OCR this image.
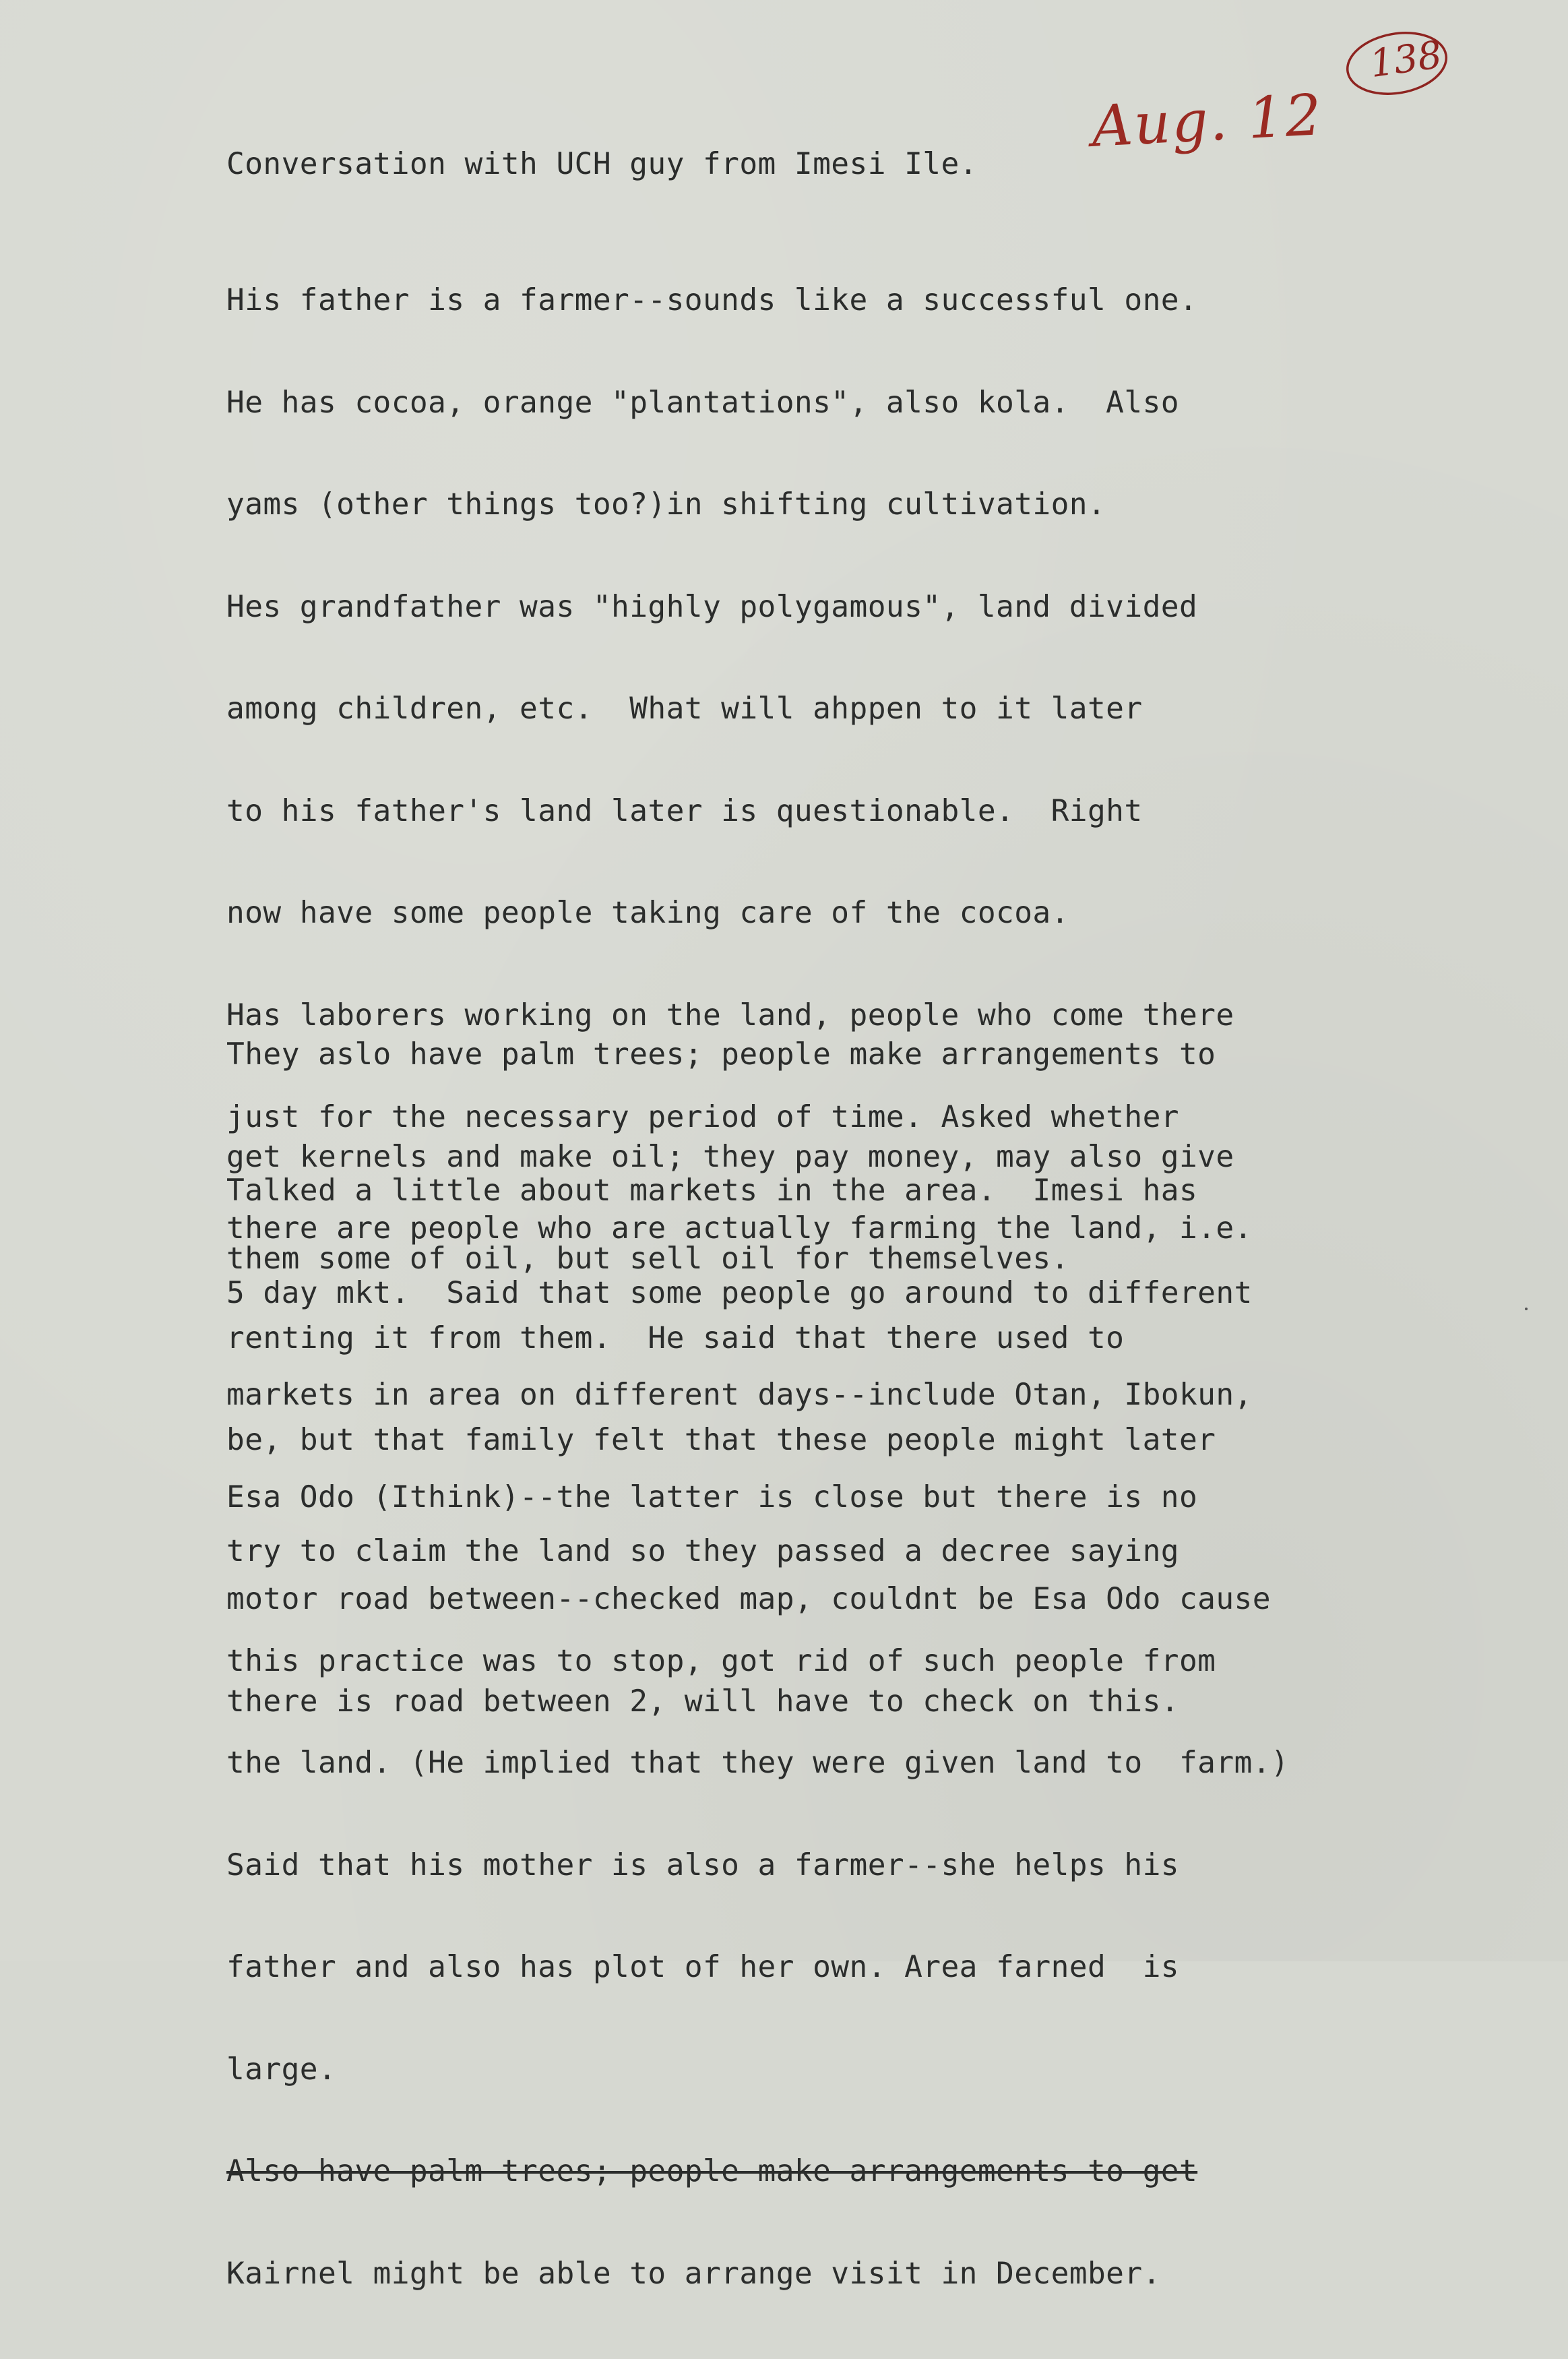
138
Aug. 12

Conversation with UCH guy from Imesi Ile.

His father is a farmer--sounds like a successful one.

He has cocoa, orange "plantations", also kola.  Also

yams (other things too?)in shifting cultivation.

Hes grandfather was "highly polygamous", land divided

among children, etc.  What will ahppen to it later

to his father's land later is questionable.  Right

now have some people taking care of the cocoa.

Has laborers working on the land, people who come there

just for the necessary period of time. Asked whether

there are people who are actually farming the land, i.e.

renting it from them.  He said that there used to

be, but that family felt that these people might later

try to claim the land so they passed a decree saying

this practice was to stop, got rid of such people from

the land. (He implied that they were given land to  farm.)

Said that his mother is also a farmer--she helps his

father and also has plot of her own. Area farned  is

large.

Also have palm trees; people make arrangements to get

Kairnel might be able to arrange visit in December.

They aslo have palm trees; people make arrangements to

get kernels and make oil; they pay money, may also give

them some of oil, but sell oil for themselves.

Talked a little about markets in the area.  Imesi has

5 day mkt.  Said that some people go around to different

markets in area on different days--include Otan, Ibokun,

Esa Odo (Ithink)--the latter is close but there is no

motor road between--checked map, couldnt be Esa Odo cause

there is road between 2, will have to check on this.
